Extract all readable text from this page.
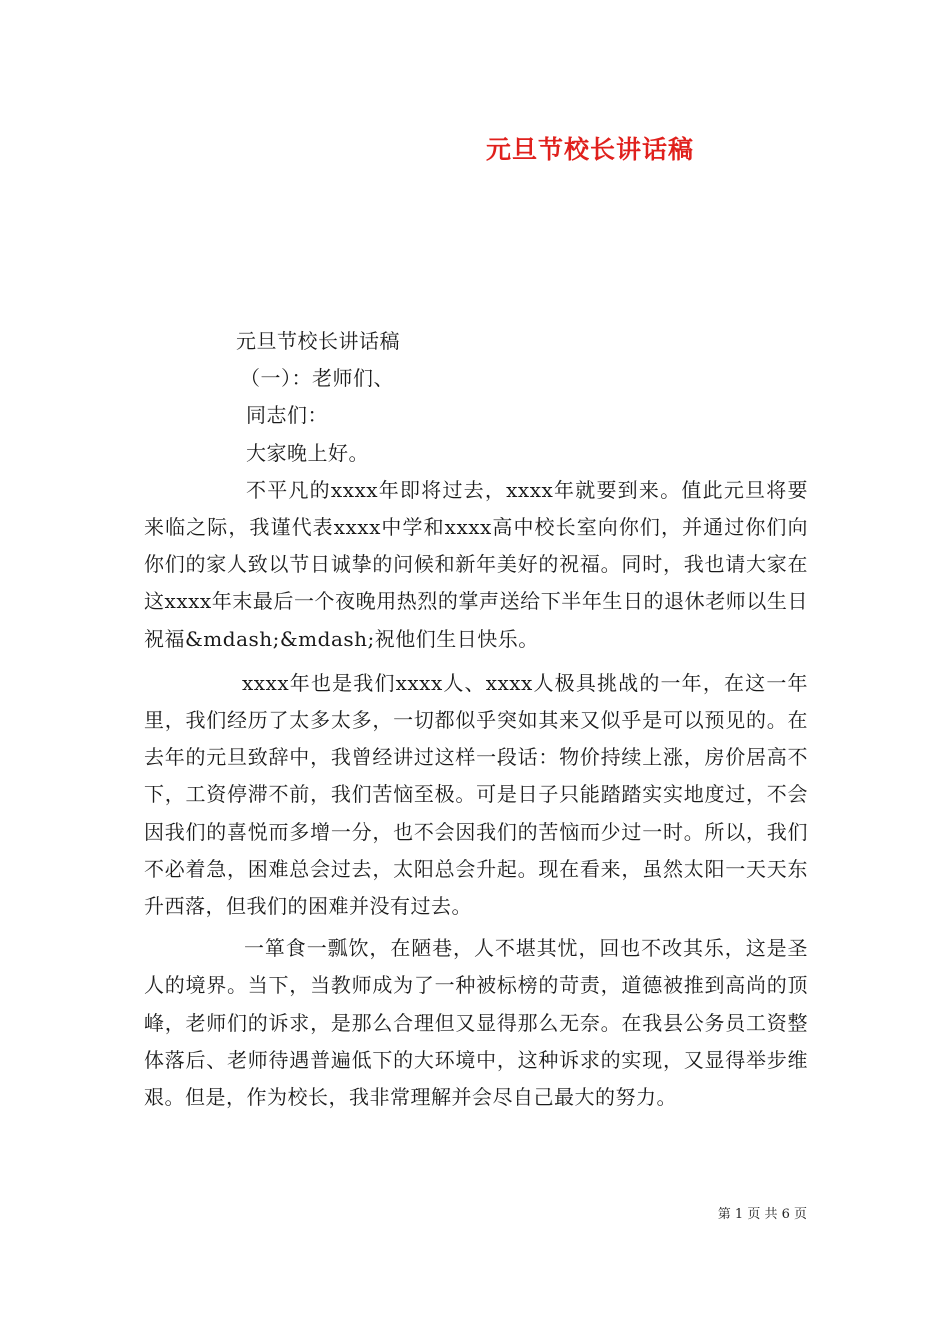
元旦节校长讲话稿
元旦节校长讲话稿
（一）：老师们、
同志们：
大家晚上好。

不平凡的xxxx年即将过去，xxxx年就要到来。值此元旦将要来临之际，我谨代表xxxx中学和xxxx高中校长室向你们，并通过你们向你们的家人致以节日诚挚的问候和新年美好的祝福。同时，我也请大家在这xxxx年末最后一个夜晚用热烈的掌声送给下半年生日的退休老师以生日祝福&mdash;&mdash;祝他们生日快乐。

xxxx年也是我们xxxx人、xxxx人极具挑战的一年，在这一年里，我们经历了太多太多，一切都似乎突如其来又似乎是可以预见的。在去年的元旦致辞中，我曾经讲过这样一段话：物价持续上涨，房价居高不下，工资停滞不前，我们苦恼至极。可是日子只能踏踏实实地度过，不会因我们的喜悦而多增一分，也不会因我们的苦恼而少过一时。所以，我们不必着急，困难总会过去，太阳总会升起。现在看来，虽然太阳一天天东升西落，但我们的困难并没有过去。

一箪食一瓢饮，在陋巷，人不堪其忧，回也不改其乐，这是圣人的境界。当下，当教师成为了一种被标榜的苛责，道德被推到高尚的顶峰，老师们的诉求，是那么合理但又显得那么无奈。在我县公务员工资整体落后、老师待遇普遍低下的大环境中，这种诉求的实现，又显得举步维艰。但是，作为校长，我非常理解并会尽自己最大的努力。

第 1 页 共 6 页
